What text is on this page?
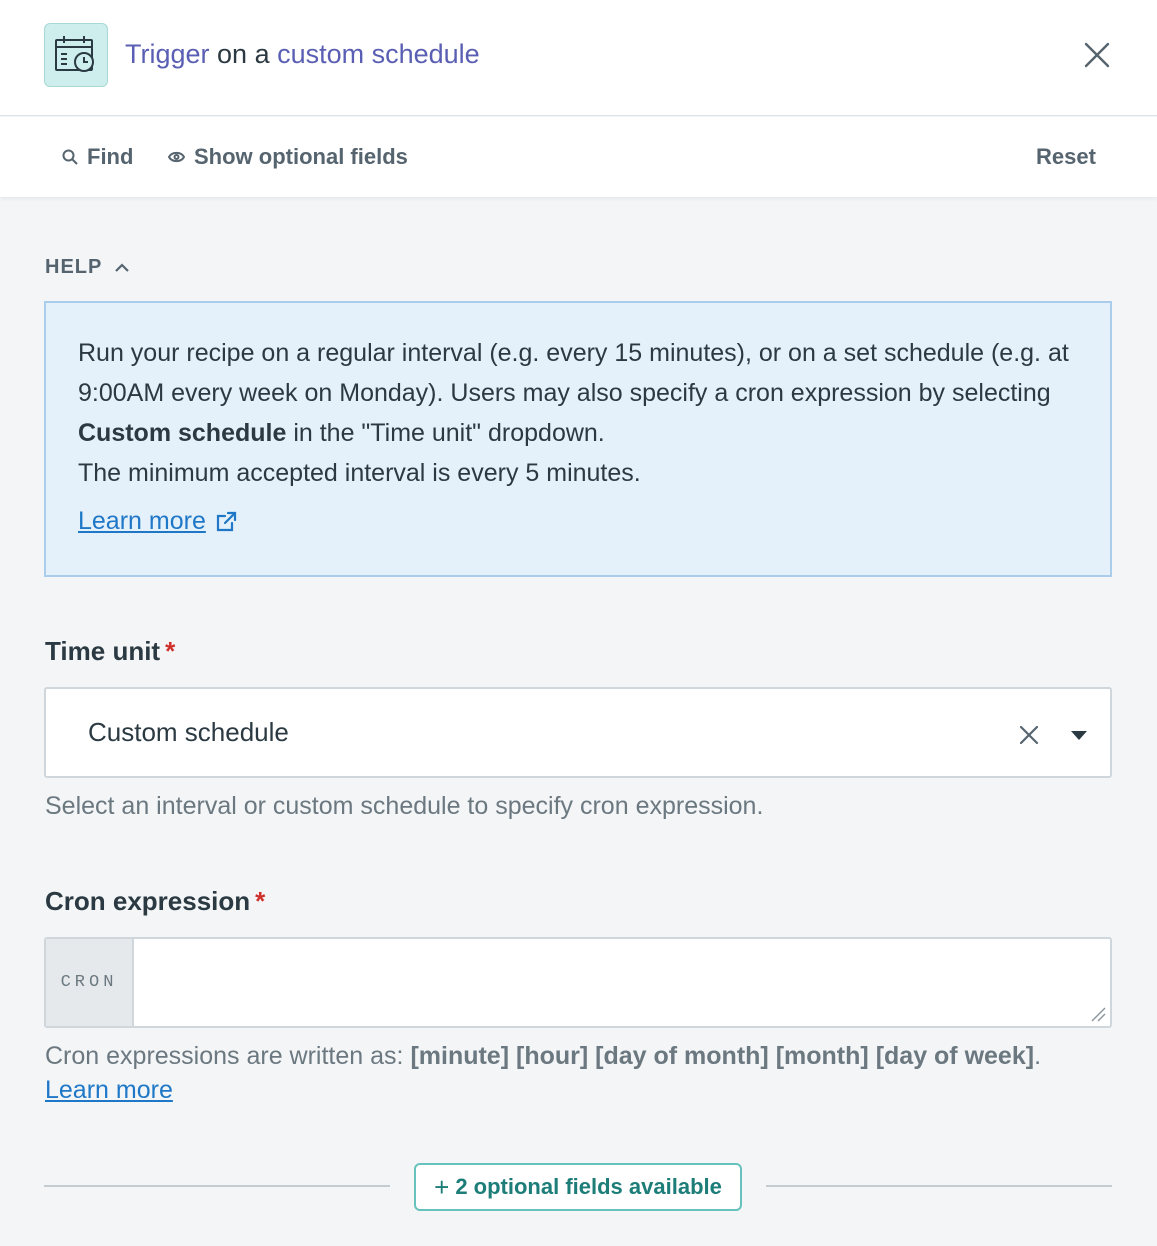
Trigger on a custom schedule
Find	Show optional fields	Reset
HELP
Run your recipe on a regular interval (e.g. every 15 minutes), or on a set schedule (e.g. at 9:00AM every week on Monday). Users may also specify a cron expression by selecting Custom schedule in the "Time unit" dropdown.
The minimum accepted interval is every 5 minutes.
Learn more
Time unit *
Custom schedule
Select an interval or custom schedule to specify cron expression.
Cron expression *
CRON
Cron expressions are written as: [minute] [hour] [day of month] [month] [day of week].
Learn more
+ 2 optional fields available
